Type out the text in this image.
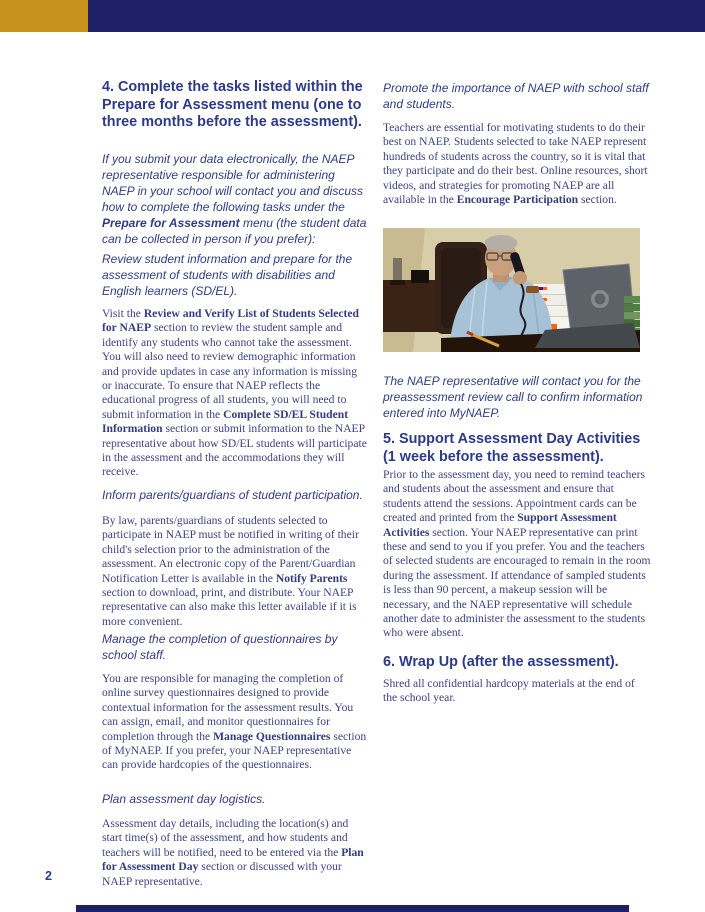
4. Complete the tasks listed within the Prepare for Assessment menu (one to three months before the assessment).

If you submit your data electronically, the NAEP representative responsible for administering NAEP in your school will contact you and discuss how to complete the following tasks under the Prepare for Assessment menu (the student data can be collected in person if you prefer):

Review student information and prepare for the assessment of students with disabilities and English learners (SD/EL).

Visit the Review and Verify List of Students Selected for NAEP section to review the student sample and identify any students who cannot take the assessment. You will also need to review demographic information and provide updates in case any information is missing or inaccurate. To ensure that NAEP reflects the educational progress of all students, you will need to submit information in the Complete SD/EL Student Information section or submit information to the NAEP representative about how SD/EL students will participate in the assessment and the accommodations they will receive.

Inform parents/guardians of student participation.

By law, parents/guardians of students selected to participate in NAEP must be notified in writing of their child's selection prior to the administration of the assessment. An electronic copy of the Parent/Guardian Notification Letter is available in the Notify Parents section to download, print, and distribute. Your NAEP representative can also make this letter available if it is more convenient.

Manage the completion of questionnaires by school staff.

You are responsible for managing the completion of online survey questionnaires designed to provide contextual information for the assessment results. You can assign, email, and monitor questionnaires for completion through the Manage Questionnaires section of MyNAEP. If you prefer, your NAEP representative can provide hardcopies of the questionnaires.

Plan assessment day logistics.

Assessment day details, including the location(s) and start time(s) of the assessment, and how students and teachers will be notified, need to be entered via the Plan for Assessment Day section or discussed with your NAEP representative.

Promote the importance of NAEP with school staff and students.

Teachers are essential for motivating students to do their best on NAEP. Students selected to take NAEP represent hundreds of students across the country, so it is vital that they participate and do their best. Online resources, short videos, and strategies for promoting NAEP are all available in the Encourage Participation section.

The NAEP representative will contact you for the preassessment review call to confirm information entered into MyNAEP.

5. Support Assessment Day Activities (1 week before the assessment).

Prior to the assessment day, you need to remind teachers and students about the assessment and ensure that students attend the sessions. Appointment cards can be created and printed from the Support Assessment Activities section. Your NAEP representative can print these and send to you if you prefer. You and the teachers of selected students are encouraged to remain in the room during the assessment. If attendance of sampled students is less than 90 percent, a makeup session will be necessary, and the NAEP representative will schedule another date to administer the assessment to the students who were absent.

6. Wrap Up (after the assessment).

Shred all confidential hardcopy materials at the end of the school year.

2
